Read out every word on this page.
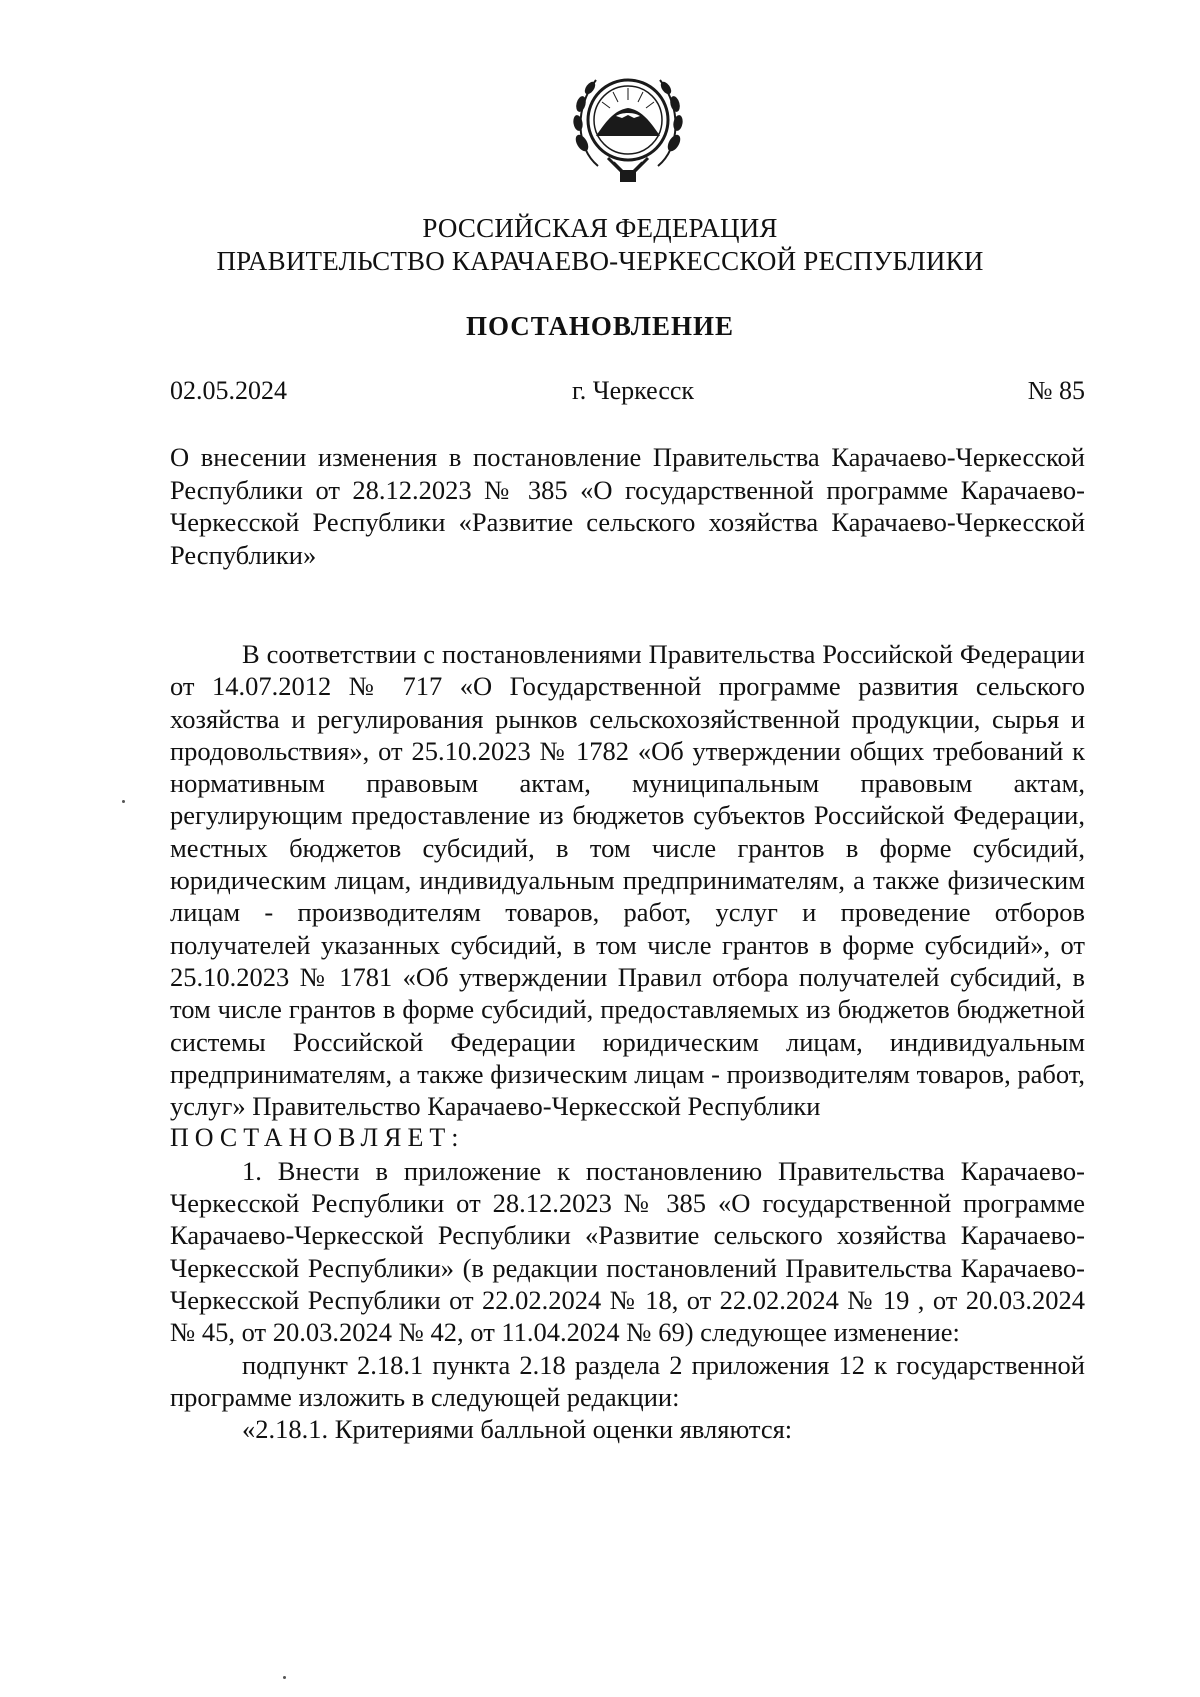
РОССИЙСКАЯ ФЕДЕРАЦИЯ
ПРАВИТЕЛЬСТВО КАРАЧАЕВО-ЧЕРКЕССКОЙ РЕСПУБЛИКИ
ПОСТАНОВЛЕНИЕ
02.05.2024	г. Черкесск	№ 85
О внесении изменения в постановление Правительства Карачаево-Черкесской Республики от 28.12.2023 № 385 «О государственной программе Карачаево-Черкесской Республики «Развитие сельского хозяйства Карачаево-Черкесской Республики»

В соответствии с постановлениями Правительства Российской Федерации от 14.07.2012 № 717 «О Государственной программе развития сельского хозяйства и регулирования рынков сельскохозяйственной продукции, сырья и продовольствия», от 25.10.2023 № 1782 «Об утверждении общих требований к нормативным правовым актам, муниципальным правовым актам, регулирующим предоставление из бюджетов субъектов Российской Федерации, местных бюджетов субсидий, в том числе грантов в форме субсидий, юридическим лицам, индивидуальным предпринимателям, а также физическим лицам - производителям товаров, работ, услуг и проведение отборов получателей указанных субсидий, в том числе грантов в форме субсидий», от 25.10.2023 № 1781 «Об утверждении Правил отбора получателей субсидий, в том числе грантов в форме субсидий, предоставляемых из бюджетов бюджетной системы Российской Федерации юридическим лицам, индивидуальным предпринимателям, а также физическим лицам - производителям товаров, работ, услуг» Правительство Карачаево-Черкесской Республики

ПОСТАНОВЛЯЕТ:

1. Внести в приложение к постановлению Правительства Карачаево-Черкесской Республики от 28.12.2023 № 385 «О государственной программе Карачаево-Черкесской Республики «Развитие сельского хозяйства Карачаево-Черкесской Республики» (в редакции постановлений Правительства Карачаево-Черкесской Республики от 22.02.2024 № 18, от 22.02.2024 № 19 , от 20.03.2024 № 45, от 20.03.2024 № 42, от 11.04.2024 № 69) следующее изменение:

подпункт 2.18.1 пункта 2.18 раздела 2 приложения 12 к государственной программе изложить в следующей редакции:

«2.18.1. Критериями балльной оценки являются:
